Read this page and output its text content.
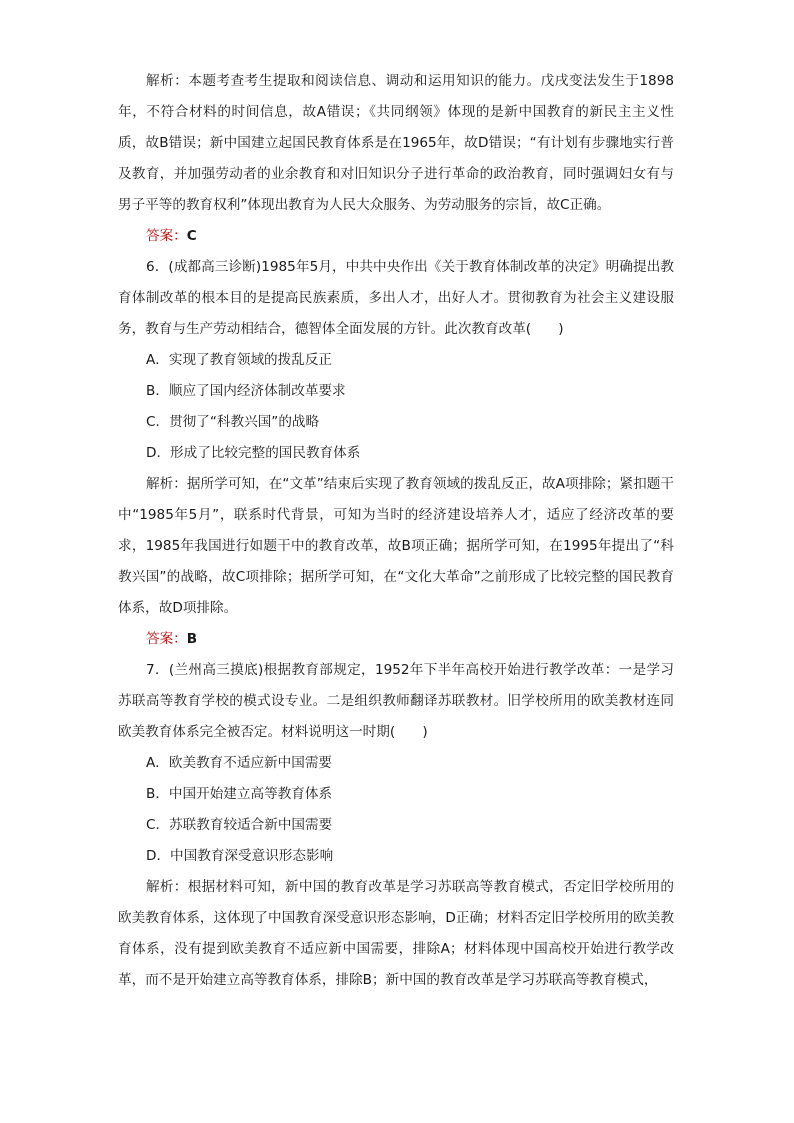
解析：本题考查考生提取和阅读信息、调动和运用知识的能力。戊戌变法发生于1898年，不符合材料的时间信息，故A错误；《共同纲领》体现的是新中国教育的新民主主义性质，故B错误；新中国建立起国民教育体系是在1965年，故D错误；“有计划有步骤地实行普及教育，并加强劳动者的业余教育和对旧知识分子进行革命的政治教育，同时强调妇女有与男子平等的教育权利”体现出教育为人民大众服务、为劳动服务的宗旨，故C正确。

答案：C

6．(成都高三诊断)1985年5月，中共中央作出《关于教育体制改革的决定》明确提出教育体制改革的根本目的是提高民族素质，多出人才，出好人才。贯彻教育为社会主义建设服务，教育与生产劳动相结合，德智体全面发展的方针。此次教育改革(　　)

A．实现了教育领域的拨乱反正

B．顺应了国内经济体制改革要求

C．贯彻了“科教兴国”的战略

D．形成了比较完整的国民教育体系

解析：据所学可知，在“文革”结束后实现了教育领域的拨乱反正，故A项排除；紧扣题干中“1985年5月”，联系时代背景，可知为当时的经济建设培养人才，适应了经济改革的要求，1985年我国进行如题干中的教育改革，故B项正确；据所学可知，在1995年提出了“科教兴国”的战略，故C项排除；据所学可知，在“文化大革命”之前形成了比较完整的国民教育体系，故D项排除。

答案：B

7．(兰州高三摸底)根据教育部规定，1952年下半年高校开始进行教学改革：一是学习苏联高等教育学校的模式设专业。二是组织教师翻译苏联教材。旧学校所用的欧美教材连同欧美教育体系完全被否定。材料说明这一时期(　　)

A．欧美教育不适应新中国需要

B．中国开始建立高等教育体系

C．苏联教育较适合新中国需要

D．中国教育深受意识形态影响

解析：根据材料可知，新中国的教育改革是学习苏联高等教育模式，否定旧学校所用的欧美教育体系，这体现了中国教育深受意识形态影响，D正确；材料否定旧学校所用的欧美教育体系，没有提到欧美教育不适应新中国需要，排除A；材料体现中国高校开始进行教学改革，而不是开始建立高等教育体系，排除B；新中国的教育改革是学习苏联高等教育模式，
